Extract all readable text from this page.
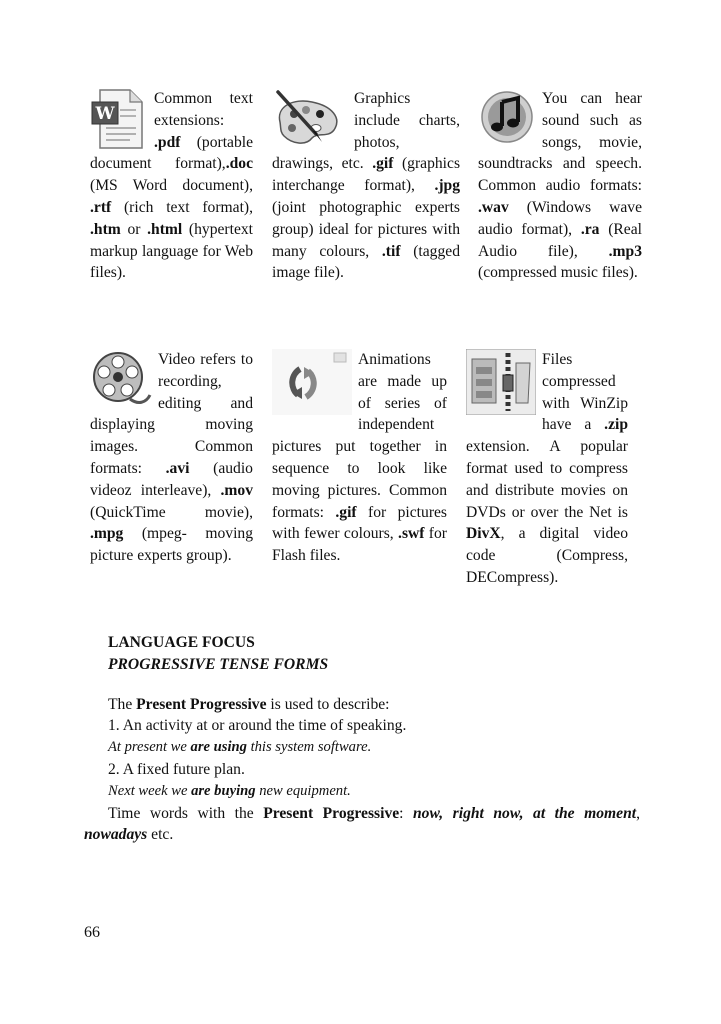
W
Common text extensions: .pdf (portable document format),.doc (MS Word document), .rtf (rich text format), .htm or .html (hypertext markup language for Web files).
Graphics include charts, photos, drawings, etc. .gif (graphics interchange format), .jpg (joint photographic experts group) ideal for pictures with many colours, .tif (tagged image file).
You can hear sound such as songs, movie, soundtracks and speech. Common audio formats: .wav (Windows wave audio format), .ra (Real Audio file), .mp3 (compressed music files).
Video refers to recording, editing and displaying moving images. Common formats: .avi (audio videoz interleave), .mov (QuickTime movie), .mpg (mpeg- moving picture experts group).
Animations are made up of series of independent pictures put together in sequence to look like moving pictures. Common formats: .gif for pictures with fewer colours, .swf for Flash files.
Files compressed with WinZip have a .zip extension. A popular format used to compress and distribute movies on DVDs or over the Net is DivX, a digital video code (Compress, DECompress).

LANGUAGE FOCUS

PROGRESSIVE TENSE FORMS

The Present Progressive is used to describe:

1. An activity at or around the time of speaking.

At present we are using this system software.

2. A fixed future plan.

Next week we are buying new equipment.

Time words with the Present Progressive: now, right now, at the moment, nowadays etc.

66
